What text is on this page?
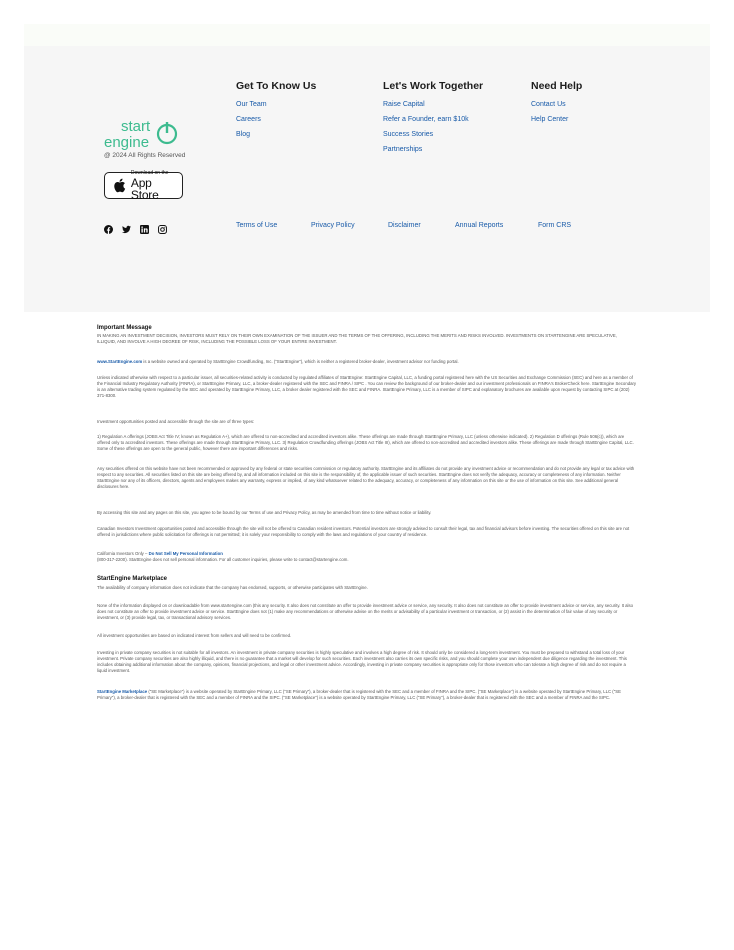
start
engine
@ 2024 All Rights Reserved
Download on the
App Store
Get To Know Us
Our Team
Careers
Blog
Let's Work Together
Raise Capital
Refer a Founder, earn $10k
Success Stories
Partnerships
Need Help
Contact Us
Help Center
Terms of Use	Privacy Policy	Disclaimer	Annual Reports	Form CRS
Important Message

IN MAKING AN INVESTMENT DECISION, INVESTORS MUST RELY ON THEIR OWN EXAMINATION OF THE ISSUER AND THE TERMS OF THE OFFERING, INCLUDING THE MERITS AND RISKS INVOLVED. INVESTMENTS ON STARTENGINE ARE SPECULATIVE, ILLIQUID, AND INVOLVE A HIGH DEGREE OF RISK, INCLUDING THE POSSIBLE LOSS OF YOUR ENTIRE INVESTMENT.

www.StartEngine.com is a website owned and operated by StartEngine Crowdfunding, Inc. ("StartEngine"), which is neither a registered broker-dealer, investment advisor nor funding portal.

Unless indicated otherwise with respect to a particular issuer, all securities-related activity is conducted by regulated affiliates of StartEngine: StartEngine Capital, LLC, a funding portal registered here with the US Securities and Exchange Commission (SEC) and here as a member of the Financial Industry Regulatory Authority (FINRA), or StartEngine Primary, LLC, a broker-dealer registered with the SEC and FINRA / SIPC . You can review the background of our broker-dealer and our investment professionals on FINRA's BrokerCheck here. StartEngine Secondary is an alternative trading system regulated by the SEC and operated by StartEngine Primary, LLC, a broker dealer registered with the SEC and FINRA. StartEngine Primary, LLC is a member of SIPC and explanatory brochures are available upon request by contacting SIPC at (202) 371-8300.

Investment opportunities posted and accessible through the site are of three types:

1) Regulation A offerings (JOBS Act Title IV; known as Regulation A+), which are offered to non-accredited and accredited investors alike. These offerings are made through StartEngine Primary, LLC (unless otherwise indicated). 2) Regulation D offerings (Rule 506(c)), which are offered only to accredited investors. These offerings are made through StartEngine Primary, LLC. 3) Regulation Crowdfunding offerings (JOBS Act Title III), which are offered to non-accredited and accredited investors alike. These offerings are made through StartEngine Capital, LLC. Some of these offerings are open to the general public, however there are important differences and risks.

Any securities offered on this website have not been recommended or approved by any federal or state securities commission or regulatory authority. StartEngine and its affiliates do not provide any investment advice or recommendation and do not provide any legal or tax advice with respect to any securities. All securities listed on this site are being offered by, and all information included on this site is the responsibility of, the applicable issuer of such securities. StartEngine does not verify the adequacy, accuracy or completeness of any information. Neither StartEngine nor any of its officers, directors, agents and employees makes any warranty, express or implied, of any kind whatsoever related to the adequacy, accuracy, or completeness of any information on this site or the use of information on this site. See additional general disclosures here.

By accessing this site and any pages on this site, you agree to be bound by our Terms of use and Privacy Policy, as may be amended from time to time without notice or liability.

Canadian Investors Investment opportunities posted and accessible through the site will not be offered to Canadian resident investors. Potential investors are strongly advised to consult their legal, tax and financial advisors before investing. The securities offered on this site are not offered in jurisdictions where public solicitation for offerings is not permitted; it is solely your responsibility to comply with the laws and regulations of your country of residence.

California Investors Only – Do Not Sell My Personal Information
(800-317-2200). StartEngine does not sell personal information. For all customer inquiries, please write to contact@startengine.com.

StartEngine Marketplace

The availability of company information does not indicate that the company has endorsed, supports, or otherwise participates with StartEngine.

None of the information displayed on or downloadable from www.startengine.com (this any security. It also does not constitute an offer to provide investment advice or service, any security. It also does not constitute an offer to provide investment advice or service, any security. It also does not constitute an offer to provide investment advice or service. StartEngine does not (1) make any recommendations or otherwise advise on the merits or advisability of a particular investment or transaction, or (2) assist in the determination of fair value of any security or investment, or (3) provide legal, tax, or transactional advisory services.

All investment opportunities are based on indicated interest from sellers and will need to be confirmed.

Investing in private company securities is not suitable for all investors. An investment in private company securities is highly speculative and involves a high degree of risk. It should only be considered a long-term investment. You must be prepared to withstand a total loss of your investment. Private company securities are also highly illiquid, and there is no guarantee that a market will develop for such securities. Each investment also carries its own specific risks, and you should complete your own independent due diligence regarding the investment. This includes obtaining additional information about the company, opinions, financial projections, and legal or other investment advice. Accordingly, investing in private company securities is appropriate only for those investors who can tolerate a high degree of risk and do not require a liquid investment.

StartEngine Marketplace ("SE Marketplace") is a website operated by StartEngine Primary, LLC ("SE Primary"), a broker-dealer that is registered with the SEC and a member of FINRA and the SIPC. ("SE Marketplace") is a website operated by StartEngine Primary, LLC ("SE Primary"), a broker-dealer that is registered with the SEC and a member of FINRA and the SIPC. ("SE Marketplace") is a website operated by StartEngine Primary, LLC ("SE Primary"), a broker-dealer that is registered with the SEC and a member of FINRA and the SIPC.
